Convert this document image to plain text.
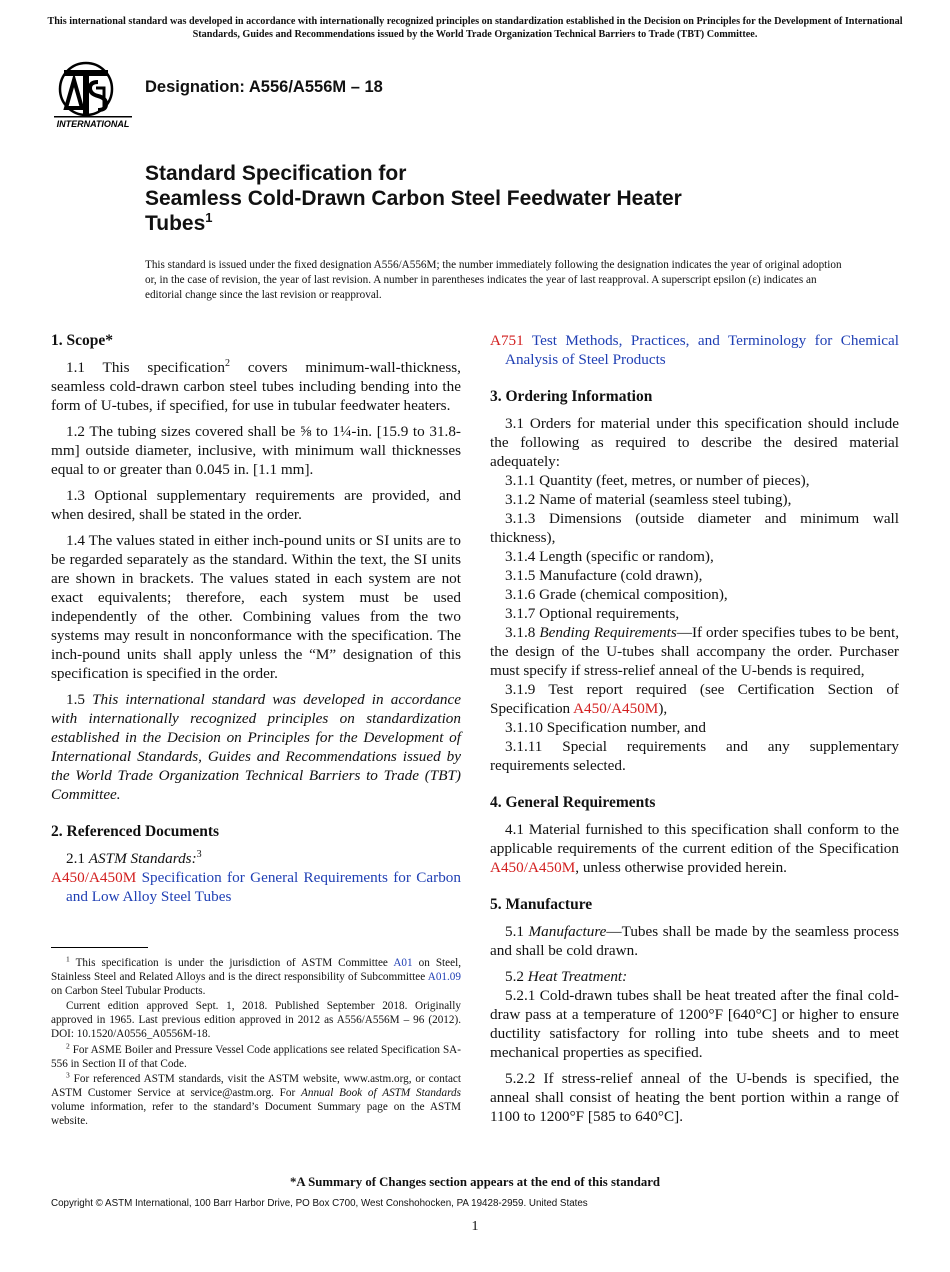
This international standard was developed in accordance with internationally recognized principles on standardization established in the Decision on Principles for the Development of International Standards, Guides and Recommendations issued by the World Trade Organization Technical Barriers to Trade (TBT) Committee.
INTERNATIONAL
Designation: A556/A556M – 18
Standard Specification for
Seamless Cold-Drawn Carbon Steel Feedwater Heater
Tubes$^1$
This standard is issued under the fixed designation A556/A556M; the number immediately following the designation indicates the year of original adoption or, in the case of revision, the year of last revision. A number in parentheses indicates the year of last reapproval. A superscript epsilon (ε) indicates an editorial change since the last revision or reapproval.
1. Scope*

1.1 This specification$^2$ covers minimum-wall-thickness, seamless cold-drawn carbon steel tubes including bending into the form of U-tubes, if specified, for use in tubular feedwater heaters.

1.2 The tubing sizes covered shall be ⅝ to 1¼-in. [15.9 to 31.8-mm] outside diameter, inclusive, with minimum wall thicknesses equal to or greater than 0.045 in. [1.1 mm].

1.3 Optional supplementary requirements are provided, and when desired, shall be stated in the order.

1.4 The values stated in either inch-pound units or SI units are to be regarded separately as the standard. Within the text, the SI units are shown in brackets. The values stated in each system are not exact equivalents; therefore, each system must be used independently of the other. Combining values from the two systems may result in nonconformance with the specification. The inch-pound units shall apply unless the “M” designation of this specification is specified in the order.

1.5 This international standard was developed in accordance with internationally recognized principles on standardization established in the Decision on Principles for the Development of International Standards, Guides and Recommendations issued by the World Trade Organization Technical Barriers to Trade (TBT) Committee.

2. Referenced Documents

2.1 ASTM Standards:$^3$

A450/A450M Specification for General Requirements for Carbon and Low Alloy Steel Tubes

A751 Test Methods, Practices, and Terminology for Chemical Analysis of Steel Products

3. Ordering Information

3.1 Orders for material under this specification should include the following as required to describe the desired material adequately:

3.1.1 Quantity (feet, metres, or number of pieces),

3.1.2 Name of material (seamless steel tubing),

3.1.3 Dimensions (outside diameter and minimum wall thickness),

3.1.4 Length (specific or random),

3.1.5 Manufacture (cold drawn),

3.1.6 Grade (chemical composition),

3.1.7 Optional requirements,

3.1.8 Bending Requirements—If order specifies tubes to be bent, the design of the U-tubes shall accompany the order. Purchaser must specify if stress-relief anneal of the U-bends is required,

3.1.9 Test report required (see Certification Section of Specification A450/A450M),

3.1.10 Specification number, and

3.1.11 Special requirements and any supplementary requirements selected.

4. General Requirements

4.1 Material furnished to this specification shall conform to the applicable requirements of the current edition of the Specification A450/A450M, unless otherwise provided herein.

5. Manufacture

5.1 Manufacture—Tubes shall be made by the seamless process and shall be cold drawn.

5.2 Heat Treatment:

5.2.1 Cold-drawn tubes shall be heat treated after the final cold-draw pass at a temperature of 1200°F [640°C] or higher to ensure ductility satisfactory for rolling into tube sheets and to meet mechanical properties as specified.

5.2.2 If stress-relief anneal of the U-bends is specified, the anneal shall consist of heating the bent portion within a range of 1100 to 1200°F [585 to 640°C].

$^1$ This specification is under the jurisdiction of ASTM Committee A01 on Steel, Stainless Steel and Related Alloys and is the direct responsibility of Subcommittee A01.09 on Carbon Steel Tubular Products.

Current edition approved Sept. 1, 2018. Published September 2018. Originally approved in 1965. Last previous edition approved in 2012 as A556/A556M – 96 (2012). DOI: 10.1520/A0556_A0556M-18.

$^2$ For ASME Boiler and Pressure Vessel Code applications see related Specification SA-556 in Section II of that Code.

$^3$ For referenced ASTM standards, visit the ASTM website, www.astm.org, or contact ASTM Customer Service at service@astm.org. For Annual Book of ASTM Standards volume information, refer to the standard’s Document Summary page on the ASTM website.

*A Summary of Changes section appears at the end of this standard
Copyright © ASTM International, 100 Barr Harbor Drive, PO Box C700, West Conshohocken, PA 19428-2959. United States
1
